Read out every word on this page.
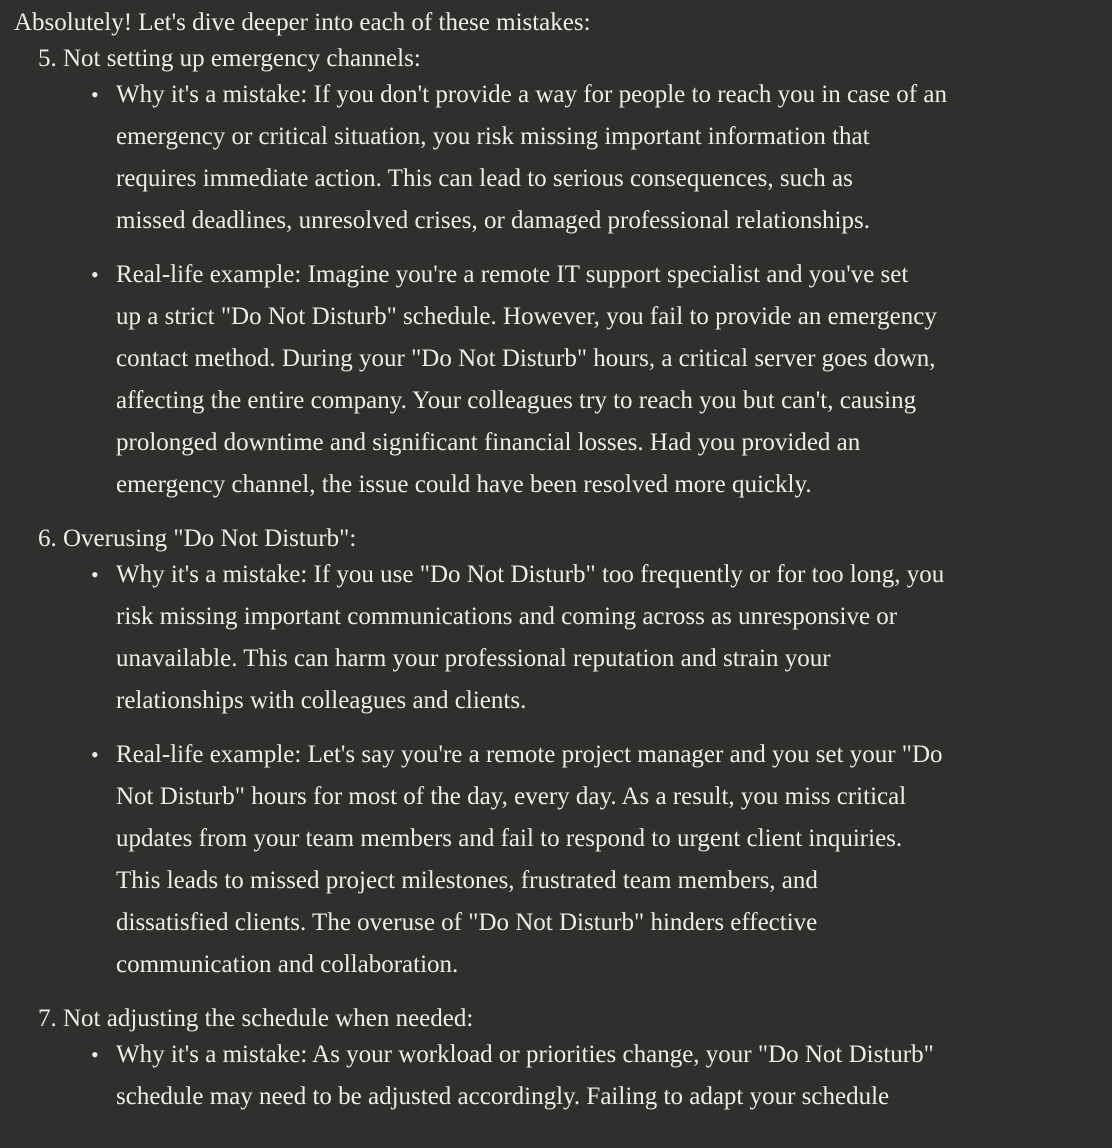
Absolutely! Let's dive deeper into each of these mistakes:

5. Not setting up emergency channels:
• Why it's a mistake: If you don't provide a way for people to reach you in case of an
emergency or critical situation, you risk missing important information that
requires immediate action. This can lead to serious consequences, such as
missed deadlines, unresolved crises, or damaged professional relationships.
• Real-life example: Imagine you're a remote IT support specialist and you've set
up a strict "Do Not Disturb" schedule. However, you fail to provide an emergency
contact method. During your "Do Not Disturb" hours, a critical server goes down,
affecting the entire company. Your colleagues try to reach you but can't, causing
prolonged downtime and significant financial losses. Had you provided an
emergency channel, the issue could have been resolved more quickly.
6. Overusing "Do Not Disturb":
• Why it's a mistake: If you use "Do Not Disturb" too frequently or for too long, you
risk missing important communications and coming across as unresponsive or
unavailable. This can harm your professional reputation and strain your
relationships with colleagues and clients.
• Real-life example: Let's say you're a remote project manager and you set your "Do
Not Disturb" hours for most of the day, every day. As a result, you miss critical
updates from your team members and fail to respond to urgent client inquiries.
This leads to missed project milestones, frustrated team members, and
dissatisfied clients. The overuse of "Do Not Disturb" hinders effective
communication and collaboration.
7. Not adjusting the schedule when needed:
• Why it's a mistake: As your workload or priorities change, your "Do Not Disturb"
schedule may need to be adjusted accordingly. Failing to adapt your schedule
